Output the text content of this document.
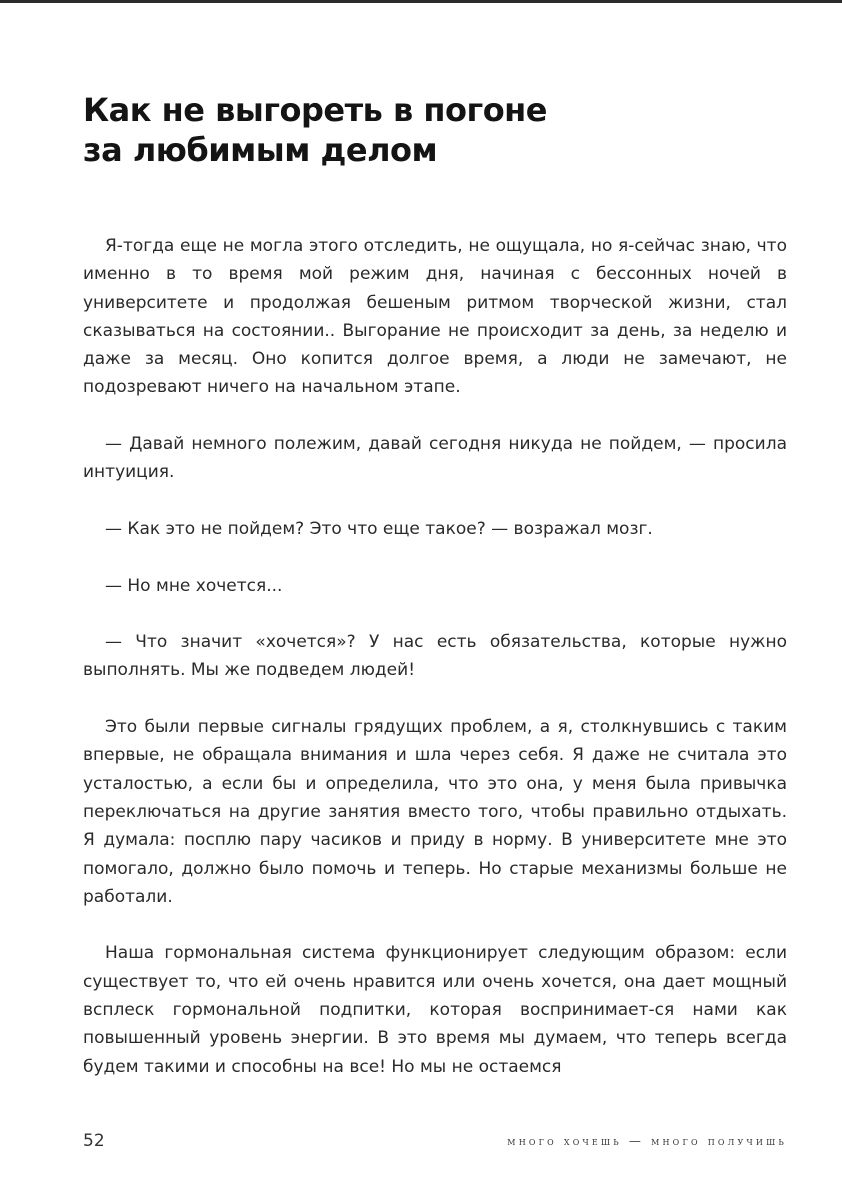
Как не выгореть в погоне
за любимым делом

Я-тогда еще не могла этого отследить, не ощущала, но я-сейчас знаю, что именно в то время мой режим дня, начиная с бессонных ночей в университете и продолжая бешеным ритмом творческой жизни, стал сказываться на состоянии.. Выгорание не происходит за день, за неделю и даже за месяц. Оно копится долгое время, а люди не замечают, не подозревают ничего на начальном этапе.

— Давай немного полежим, давай сегодня никуда не пойдем, — просила интуиция.

— Как это не пойдем? Это что еще такое? — возражал мозг.

— Но мне хочется...

— Что значит «хочется»? У нас есть обязательства, которые нужно выполнять. Мы же подведем людей!

Это были первые сигналы грядущих проблем, а я, столкнувшись с таким впервые, не обращала внимания и шла через себя. Я даже не считала это усталостью, а если бы и определила, что это она, у меня была привычка переключаться на другие занятия вместо того, чтобы правильно отдыхать. Я думала: посплю пару часиков и приду в норму. В университете мне это помогало, должно было помочь и теперь. Но старые механизмы больше не работали.

Наша гормональная система функционирует следующим образом: если существует то, что ей очень нравится или очень хочется, она дает мощный всплеск гормональной подпитки, которая воспринимает-ся нами как повышенный уровень энергии. В это время мы думаем, что теперь всегда будем такими и способны на все! Но мы не остаемся

52	много хочешь — много получишь
